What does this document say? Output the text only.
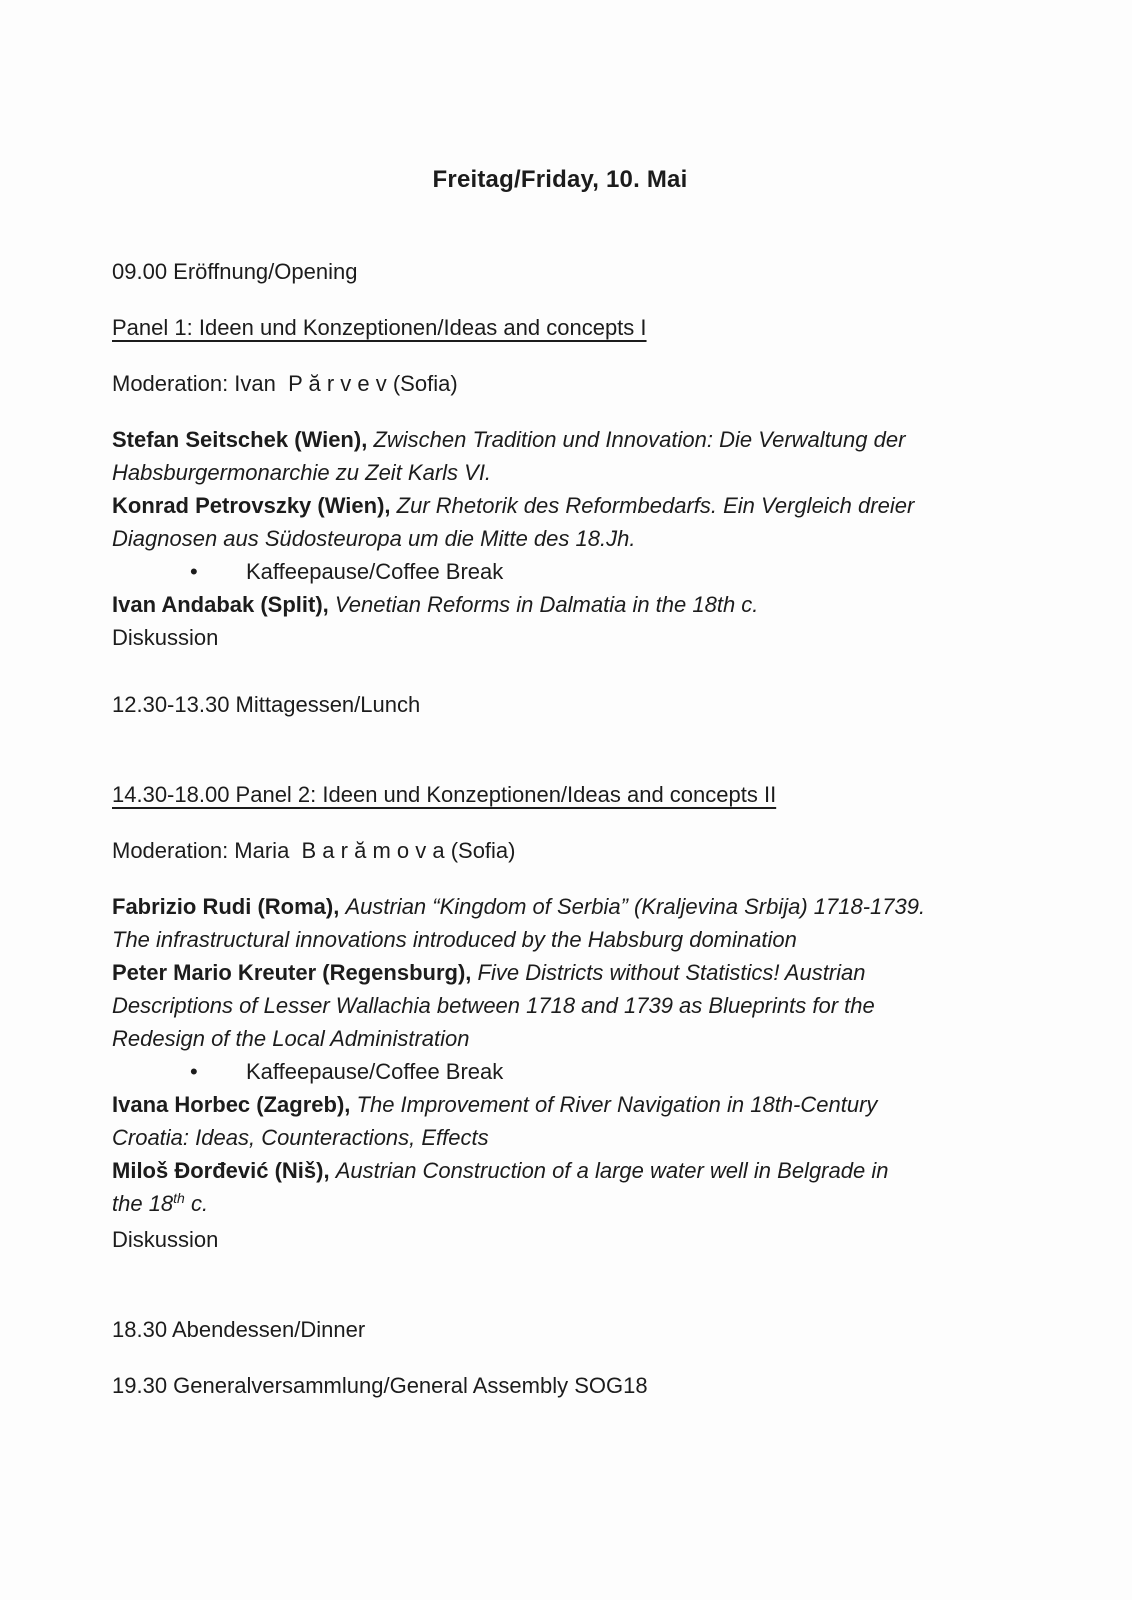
Freitag/Friday, 10. Mai
09.00 Eröffnung/Opening
Panel 1: Ideen und Konzeptionen/Ideas and concepts I
Moderation: Ivan  P ă r v e v (Sofia)
Stefan Seitschek (Wien), Zwischen Tradition und Innovation: Die Verwaltung der
Habsburgermonarchie zu Zeit Karls VI.
Konrad Petrovszky (Wien), Zur Rhetorik des Reformbedarfs. Ein Vergleich dreier
Diagnosen aus Südosteuropa um die Mitte des 18.Jh.
• Kaffeepause/Coffee Break
Ivan Andabak (Split), Venetian Reforms in Dalmatia in the 18th c.
Diskussion
12.30-13.30 Mittagessen/Lunch
14.30-18.00 Panel 2: Ideen und Konzeptionen/Ideas and concepts II
Moderation: Maria  B a r ă m o v a (Sofia)
Fabrizio Rudi (Roma), Austrian “Kingdom of Serbia” (Kraljevina Srbija) 1718-1739.
The infrastructural innovations introduced by the Habsburg domination
Peter Mario Kreuter (Regensburg), Five Districts without Statistics! Austrian
Descriptions of Lesser Wallachia between 1718 and 1739 as Blueprints for the
Redesign of the Local Administration
• Kaffeepause/Coffee Break
Ivana Horbec (Zagreb), The Improvement of River Navigation in 18th-Century
Croatia: Ideas, Counteractions, Effects
Miloš Đorđević (Niš), Austrian Construction of a large water well in Belgrade in
the 18th c.
Diskussion
18.30 Abendessen/Dinner
19.30 Generalversammlung/General Assembly SOG18
